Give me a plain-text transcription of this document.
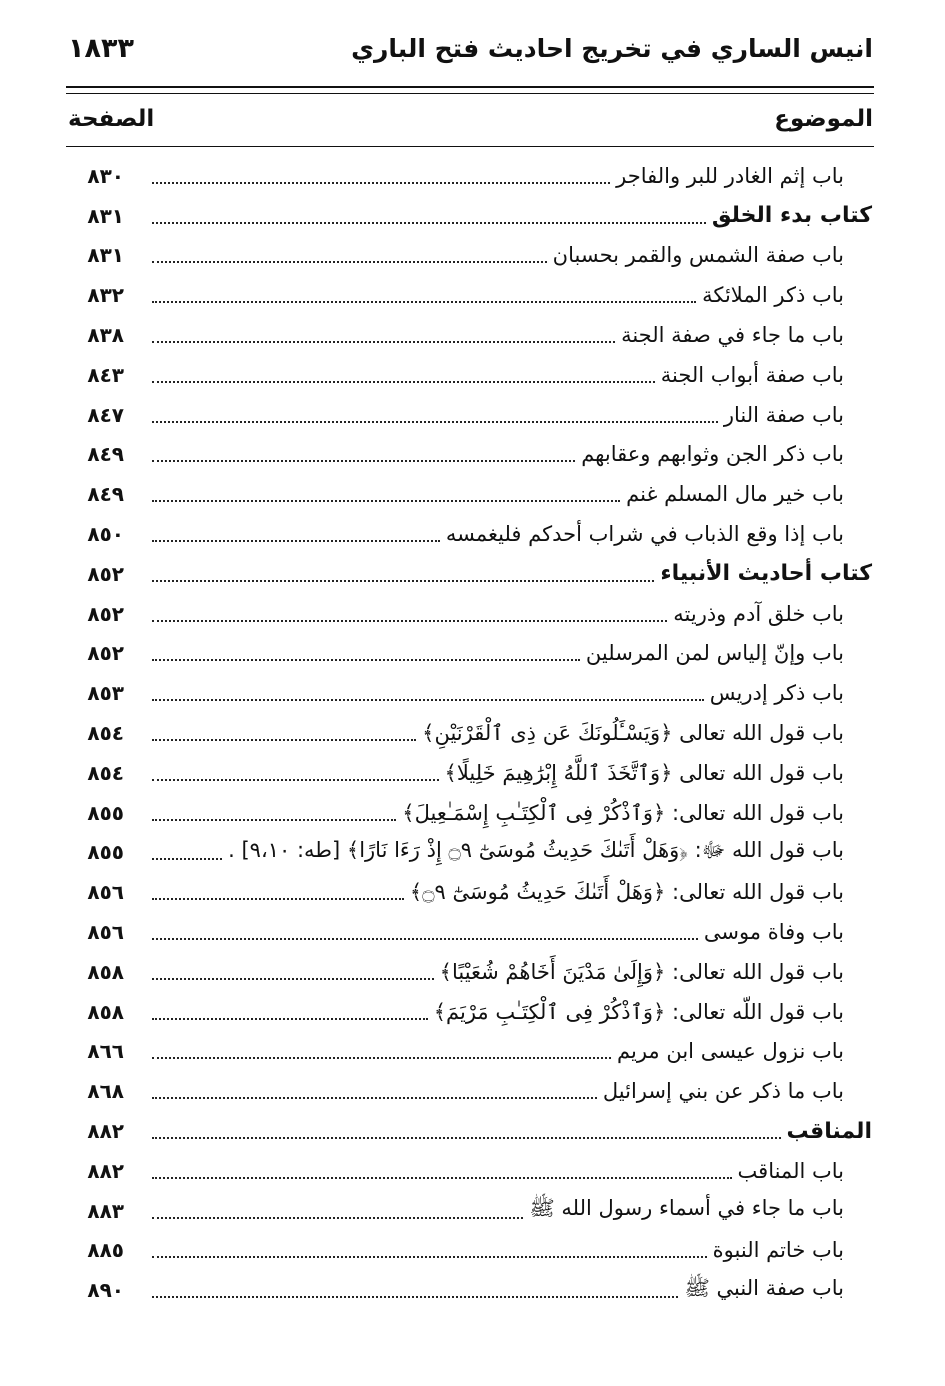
انيس الساري في تخريج احاديث فتح الباري
١٨٣٣
الموضوع
الصفحة
باب إثم الغادر للبر والفاجر
٨٣٠
كتاب بدء الخلق
٨٣١
باب صفة الشمس والقمر بحسبان
٨٣١
باب ذكر الملائكة
٨٣٢
باب ما جاء في صفة الجنة
٨٣٨
باب صفة أبواب الجنة
٨٤٣
باب صفة النار
٨٤٧
باب ذكر الجن وثوابهم وعقابهم
٨٤٩
باب خير مال المسلم غنم
٨٤٩
باب إذا وقع الذباب في شراب أحدكم فليغمسه
٨٥٠
كتاب أحاديث الأنبياء
٨٥٢
باب خلق آدم وذريته
٨٥٢
باب وإنّ إلياس لمن المرسلين
٨٥٢
باب ذكر إدريس
٨٥٣
باب قول الله تعالى ﴿وَيَسْـَٔلُونَكَ عَن ذِى ٱلْقَرْنَيْنِ﴾
٨٥٤
باب قول الله تعالى ﴿وَٱتَّخَذَ ٱللَّهُ إِبْرَٰهِيمَ خَلِيلًا﴾
٨٥٤
باب قول الله تعالى: ﴿وَٱذْكُرْ فِى ٱلْكِتَـٰبِ إِسْمَـٰعِيلَ﴾
٨٥٥
باب قول الله ﷻ: ﴿وَهَلْ أَتَىٰكَ حَدِيثُ مُوسَىٰٓ ۝٩ إِذْ رَءَا نَارًا﴾ [طه: ٩،١٠] .
٨٥٥
باب قول الله تعالى: ﴿وَهَلْ أَتَىٰكَ حَدِيثُ مُوسَىٰٓ ۝٩﴾
٨٥٦
باب وفاة موسى
٨٥٦
باب قول الله تعالى: ﴿وَإِلَىٰ مَدْيَنَ أَخَاهُمْ شُعَيْبًا﴾
٨٥٨
باب قول اللّه تعالى: ﴿وَٱذْكُرْ فِى ٱلْكِتَـٰبِ مَرْيَمَ﴾
٨٥٨
باب نزول عيسى ابن مريم
٨٦٦
باب ما ذكر عن بني إسرائيل
٨٦٨
المناقب
٨٨٢
باب المناقب
٨٨٢
باب ما جاء في أسماء رسول الله ﷺ
٨٨٣
باب خاتم النبوة
٨٨٥
باب صفة النبي ﷺ
٨٩٠
